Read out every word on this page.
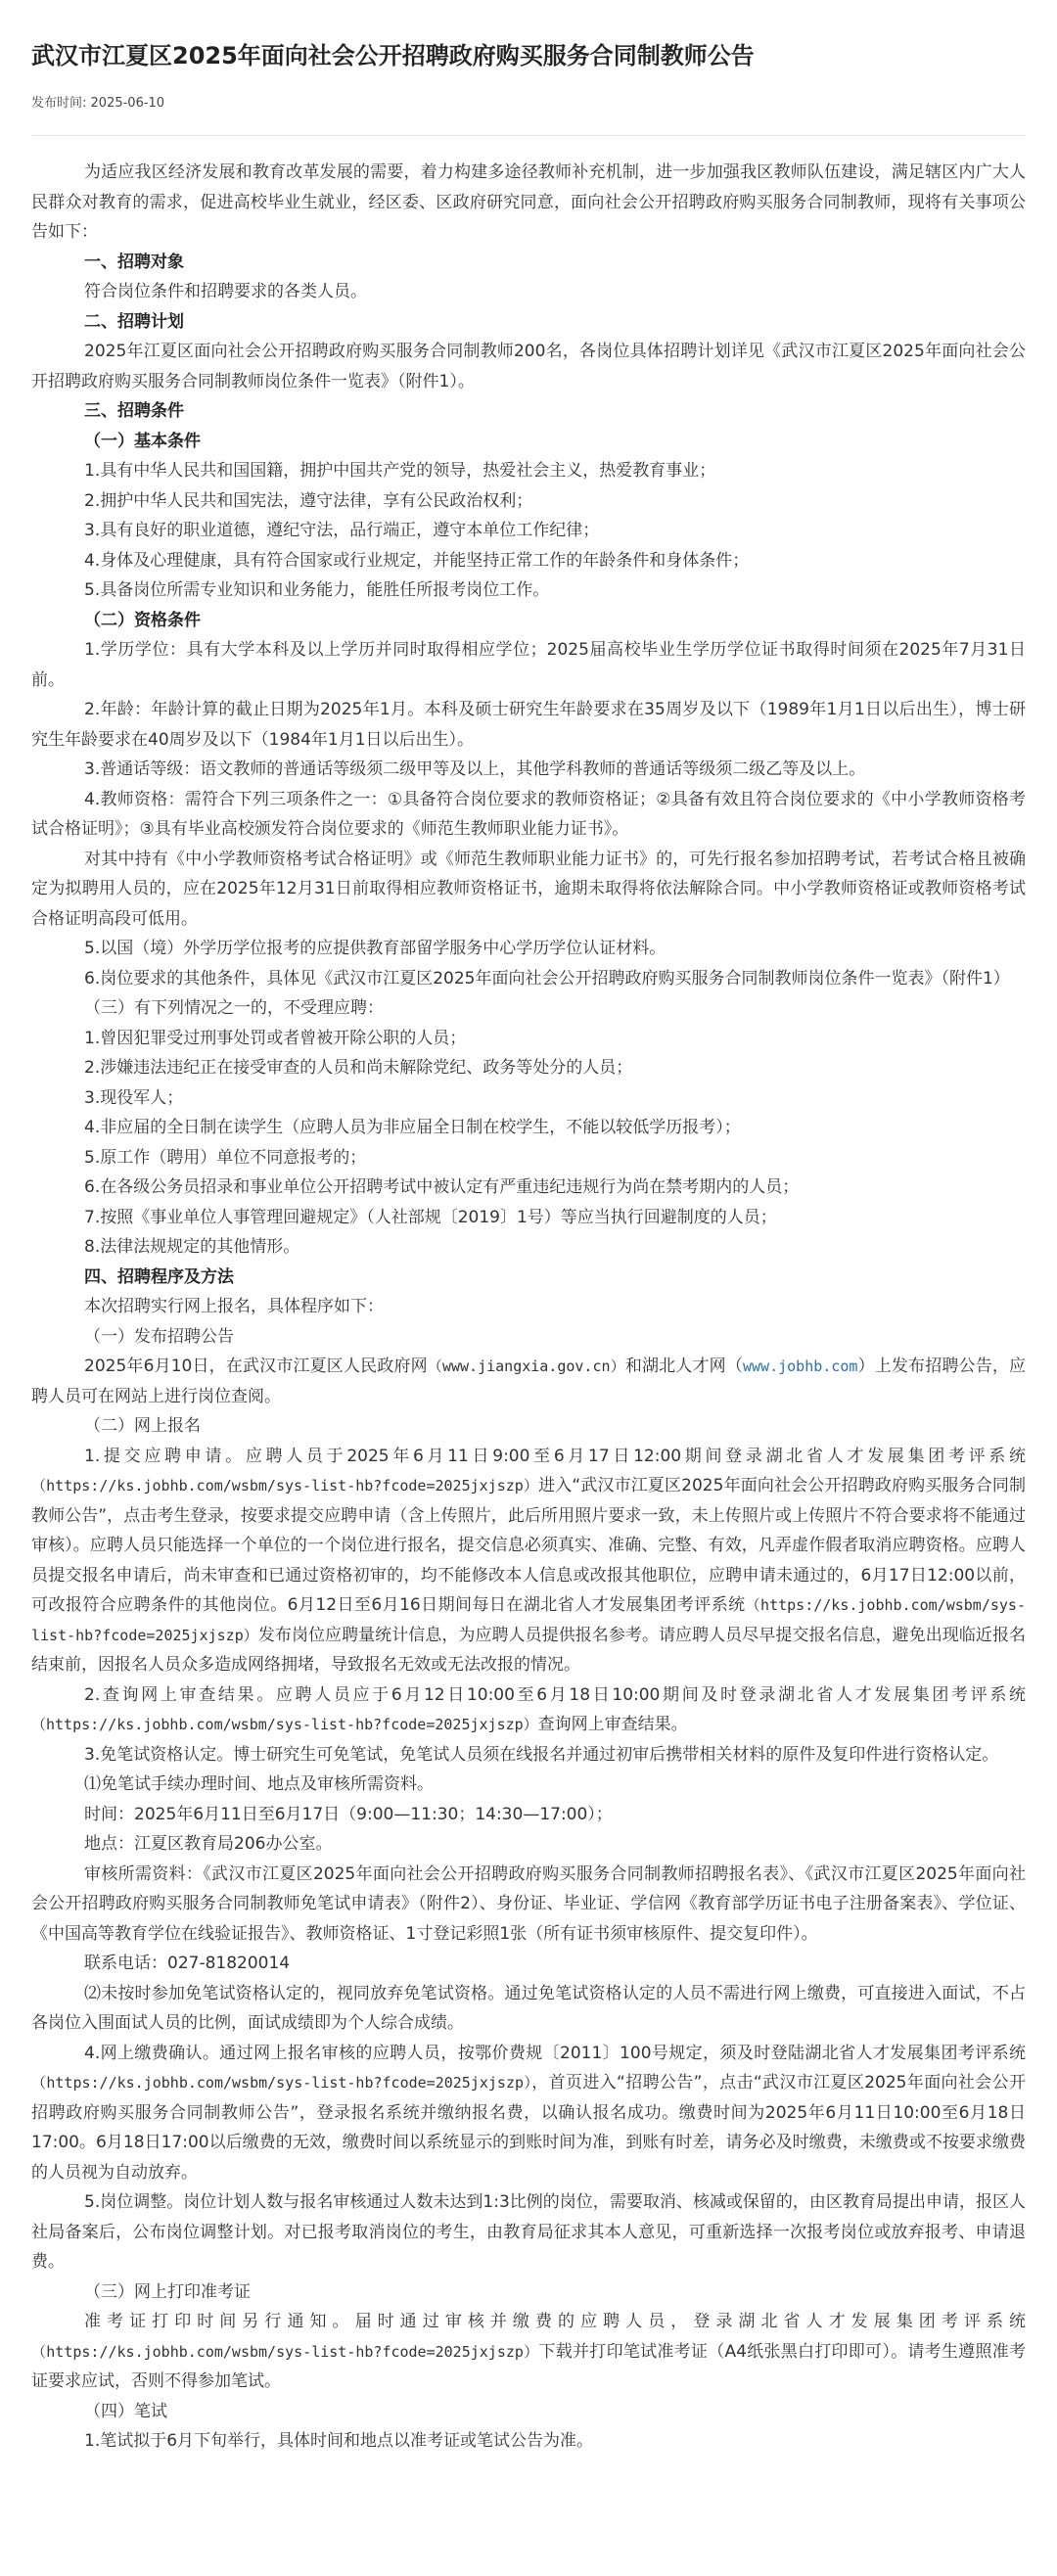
武汉市江夏区2025年面向社会公开招聘政府购买服务合同制教师公告
发布时间: 2025-06-10

为适应我区经济发展和教育改革发展的需要，着力构建多途径教师补充机制，进一步加强我区教师队伍建设，满足辖区内广大人民群众对教育的需求，促进高校毕业生就业，经区委、区政府研究同意，面向社会公开招聘政府购买服务合同制教师，现将有关事项公告如下：

一、招聘对象

符合岗位条件和招聘要求的各类人员。

二、招聘计划

2025年江夏区面向社会公开招聘政府购买服务合同制教师200名，各岗位具体招聘计划详见《武汉市江夏区2025年面向社会公开招聘政府购买服务合同制教师岗位条件一览表》（附件1）。

三、招聘条件

（一）基本条件

1.具有中华人民共和国国籍，拥护中国共产党的领导，热爱社会主义，热爱教育事业；

2.拥护中华人民共和国宪法，遵守法律，享有公民政治权利；

3.具有良好的职业道德，遵纪守法，品行端正，遵守本单位工作纪律；

4.身体及心理健康，具有符合国家或行业规定，并能坚持正常工作的年龄条件和身体条件；

5.具备岗位所需专业知识和业务能力，能胜任所报考岗位工作。

（二）资格条件

1.学历学位：具有大学本科及以上学历并同时取得相应学位；2025届高校毕业生学历学位证书取得时间须在2025年7月31日前。

2.年龄：年龄计算的截止日期为2025年1月。本科及硕士研究生年龄要求在35周岁及以下（1989年1月1日以后出生），博士研究生年龄要求在40周岁及以下（1984年1月1日以后出生）。

3.普通话等级：语文教师的普通话等级须二级甲等及以上，其他学科教师的普通话等级须二级乙等及以上。

4.教师资格：需符合下列三项条件之一：①具备符合岗位要求的教师资格证；②具备有效且符合岗位要求的《中小学教师资格考试合格证明》；③具有毕业高校颁发符合岗位要求的《师范生教师职业能力证书》。

对其中持有《中小学教师资格考试合格证明》或《师范生教师职业能力证书》的，可先行报名参加招聘考试，若考试合格且被确定为拟聘用人员的，应在2025年12月31日前取得相应教师资格证书，逾期未取得将依法解除合同。中小学教师资格证或教师资格考试合格证明高段可低用。

5.以国（境）外学历学位报考的应提供教育部留学服务中心学历学位认证材料。

6.岗位要求的其他条件，具体见《武汉市江夏区2025年面向社会公开招聘政府购买服务合同制教师岗位条件一览表》（附件1）

（三）有下列情况之一的，不受理应聘：

1.曾因犯罪受过刑事处罚或者曾被开除公职的人员；

2.涉嫌违法违纪正在接受审查的人员和尚未解除党纪、政务等处分的人员；

3.现役军人；

4.非应届的全日制在读学生（应聘人员为非应届全日制在校学生，不能以较低学历报考）；

5.原工作（聘用）单位不同意报考的；

6.在各级公务员招录和事业单位公开招聘考试中被认定有严重违纪违规行为尚在禁考期内的人员；

7.按照《事业单位人事管理回避规定》（人社部规〔2019〕1号）等应当执行回避制度的人员；

8.法律法规规定的其他情形。

四、招聘程序及方法

本次招聘实行网上报名，具体程序如下：

（一）发布招聘公告

2025年6月10日，在武汉市江夏区人民政府网（www.jiangxia.gov.cn）和湖北人才网（www.jobhb.com）上发布招聘公告，应聘人员可在网站上进行岗位查阅。

（二）网上报名

1.提交应聘申请。应聘人员于2025年6月11日9:00至6月17日12:00期间登录湖北省人才发展集团考评系统（https://ks.jobhb.com/wsbm/sys-list-hb?fcode=2025jxjszp）进入“武汉市江夏区2025年面向社会公开招聘政府购买服务合同制教师公告”，点击考生登录，按要求提交应聘申请（含上传照片，此后所用照片要求一致，未上传照片或上传照片不符合要求将不能通过审核）。应聘人员只能选择一个单位的一个岗位进行报名，提交信息必须真实、准确、完整、有效，凡弄虚作假者取消应聘资格。应聘人员提交报名申请后，尚未审查和已通过资格初审的，均不能修改本人信息或改报其他职位，应聘申请未通过的，6月17日12:00以前，可改报符合应聘条件的其他岗位。6月12日至6月16日期间每日在湖北省人才发展集团考评系统（https://ks.jobhb.com/wsbm/sys-list-hb?fcode=2025jxjszp）发布岗位应聘量统计信息，为应聘人员提供报名参考。请应聘人员尽早提交报名信息，避免出现临近报名结束前，因报名人员众多造成网络拥堵，导致报名无效或无法改报的情况。

2.查询网上审查结果。应聘人员应于6月12日10:00至6月18日10:00期间及时登录湖北省人才发展集团考评系统（https://ks.jobhb.com/wsbm/sys-list-hb?fcode=2025jxjszp）查询网上审查结果。

3.免笔试资格认定。博士研究生可免笔试，免笔试人员须在线报名并通过初审后携带相关材料的原件及复印件进行资格认定。

⑴免笔试手续办理时间、地点及审核所需资料。

时间：2025年6月11日至6月17日（9:00—11:30；14:30—17:00）；

地点：江夏区教育局206办公室。

审核所需资料：《武汉市江夏区2025年面向社会公开招聘政府购买服务合同制教师招聘报名表》、《武汉市江夏区2025年面向社会公开招聘政府购买服务合同制教师免笔试申请表》（附件2）、身份证、毕业证、学信网《教育部学历证书电子注册备案表》、学位证、《中国高等教育学位在线验证报告》、教师资格证、1寸登记彩照1张（所有证书须审核原件、提交复印件）。

联系电话：027-81820014

⑵未按时参加免笔试资格认定的，视同放弃免笔试资格。通过免笔试资格认定的人员不需进行网上缴费，可直接进入面试，不占各岗位入围面试人员的比例，面试成绩即为个人综合成绩。

4.网上缴费确认。通过网上报名审核的应聘人员，按鄂价费规〔2011〕100号规定，须及时登陆湖北省人才发展集团考评系统（https://ks.jobhb.com/wsbm/sys-list-hb?fcode=2025jxjszp），首页进入“招聘公告”，点击“武汉市江夏区2025年面向社会公开招聘政府购买服务合同制教师公告”，登录报名系统并缴纳报名费，以确认报名成功。缴费时间为2025年6月11日10:00至6月18日17:00。6月18日17:00以后缴费的无效，缴费时间以系统显示的到账时间为准，到账有时差，请务必及时缴费，未缴费或不按要求缴费的人员视为自动放弃。

5.岗位调整。岗位计划人数与报名审核通过人数未达到1:3比例的岗位，需要取消、核减或保留的，由区教育局提出申请，报区人社局备案后，公布岗位调整计划。对已报考取消岗位的考生，由教育局征求其本人意见，可重新选择一次报考岗位或放弃报考、申请退费。

（三）网上打印准考证

准考证打印时间另行通知。届时通过审核并缴费的应聘人员，登录湖北省人才发展集团考评系统（https://ks.jobhb.com/wsbm/sys-list-hb?fcode=2025jxjszp）下载并打印笔试准考证（A4纸张黑白打印即可）。请考生遵照准考证要求应试，否则不得参加笔试。

（四）笔试

1.笔试拟于6月下旬举行，具体时间和地点以准考证或笔试公告为准。
